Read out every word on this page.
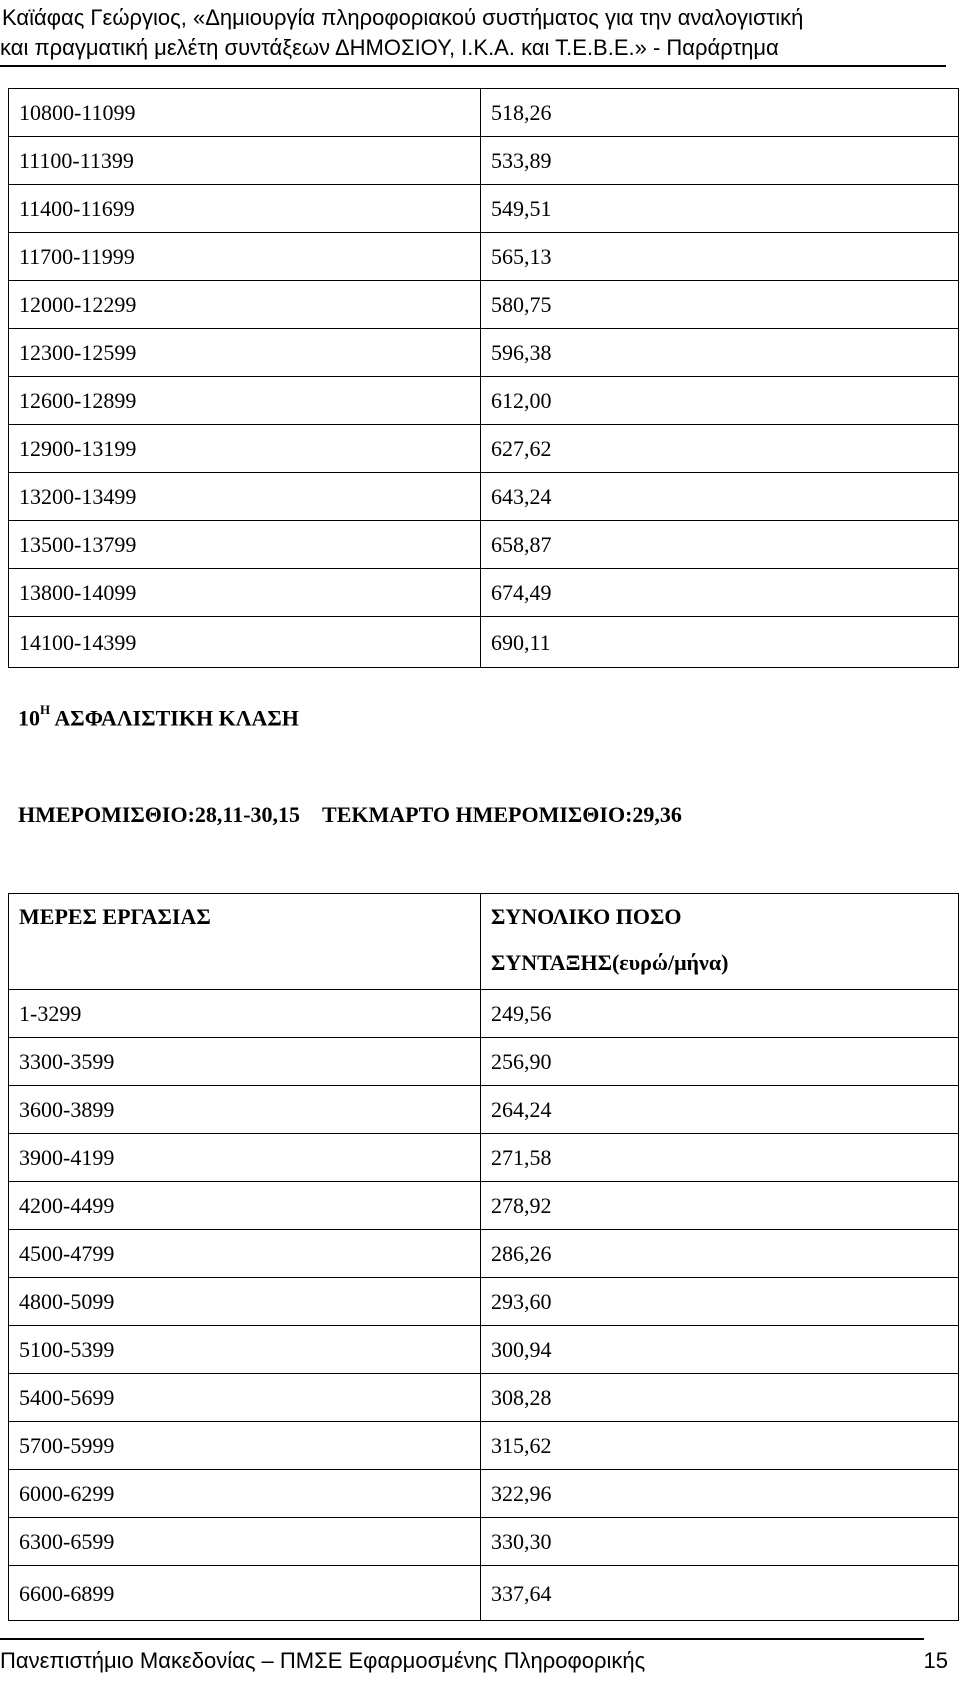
Καϊάφας Γεώργιος, «Δημιουργία πληροφοριακού συστήματος για την αναλογιστική
και πραγματική μελέτη συντάξεων ΔΗΜΟΣΙΟΥ, Ι.Κ.Α. και Τ.Ε.Β.Ε.» - Παράρτημα
10800-11099	518,26
11100-11399	533,89
11400-11699	549,51
11700-11999	565,13
12000-12299	580,75
12300-12599	596,38
12600-12899	612,00
12900-13199	627,62
13200-13499	643,24
13500-13799	658,87
13800-14099	674,49
14100-14399	690,11
$10^H$ ΑΣΦΑΛΙΣΤΙΚΗ ΚΛΑΣΗ
ΗΜΕΡΟΜΙΣΘΙΟ:28,11-30,15 ΤΕΚΜΑΡΤΟ ΗΜΕΡΟΜΙΣΘΙΟ:29,36
ΜΕΡΕΣ ΕΡΓΑΣΙΑΣ	ΣΥΝΟΛΙΚΟ ΠΟΣΟ
ΣΥΝΤΑΞΗΣ(ευρώ/μήνα)
1-3299	249,56
3300-3599	256,90
3600-3899	264,24
3900-4199	271,58
4200-4499	278,92
4500-4799	286,26
4800-5099	293,60
5100-5399	300,94
5400-5699	308,28
5700-5999	315,62
6000-6299	322,96
6300-6599	330,30
6600-6899	337,64
Πανεπιστήμιο Μακεδονίας – ΠΜΣΕ Εφαρμοσμένης Πληροφορικής	15
